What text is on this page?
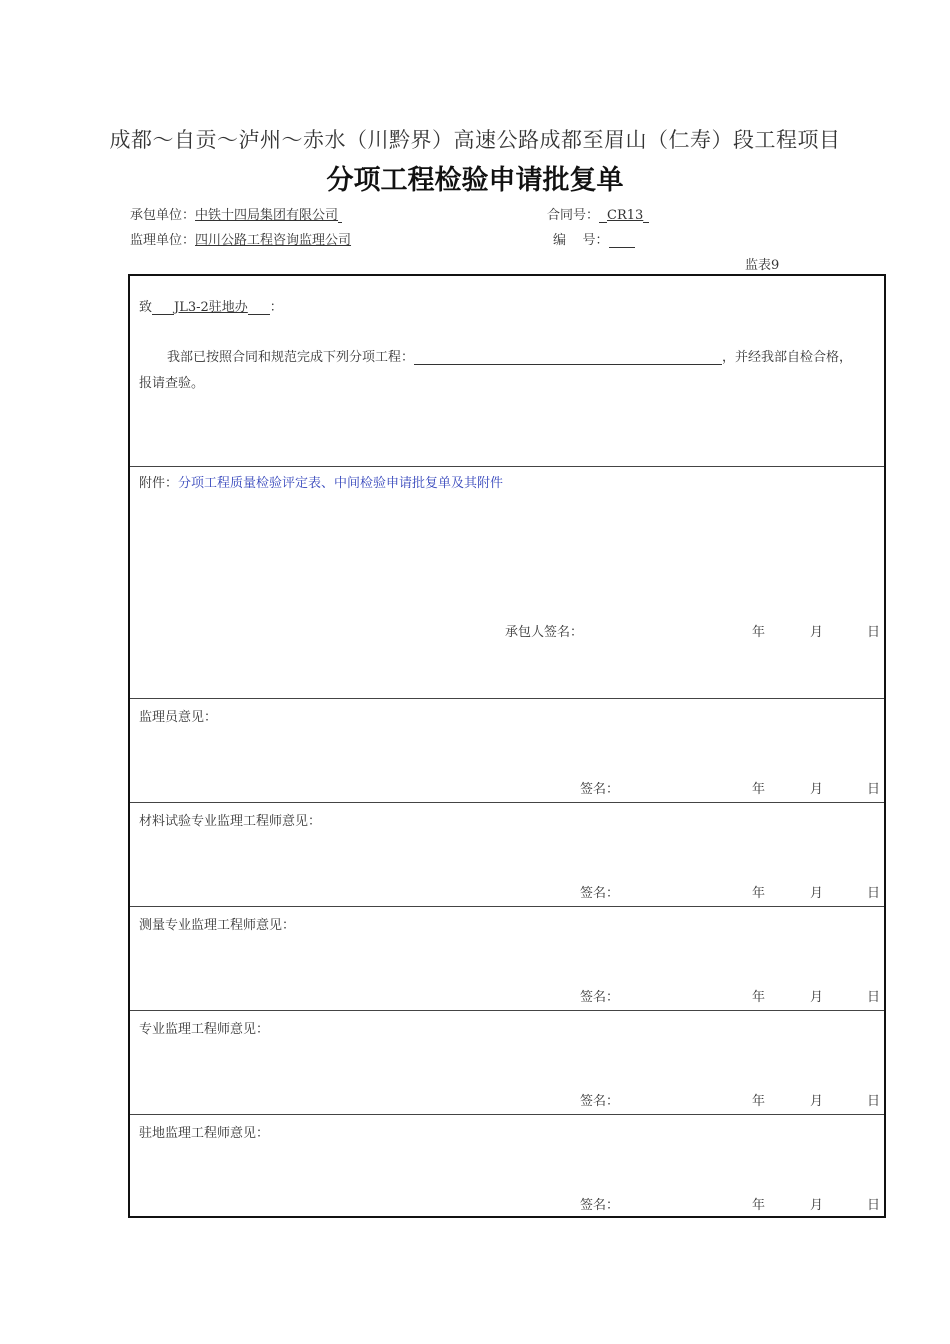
成都～自贡～泸州～赤水（川黔界）高速公路成都至眉山（仁寿）段工程项目
分项工程检验申请批复单
承包单位：中铁十四局集团有限公司	合同号： CR13
监理单位：四川公路工程咨询监理公司	编    号：
监表9
致 JL3-2驻地办 ：
我部已按照合同和规范完成下列分项工程：	，并经我部自检合格，
报请查验。
附件：分项工程质量检验评定表、中间检验申请批复单及其附件
承包人签名：	年	月	日
监理员意见：
签名：	年	月	日
材料试验专业监理工程师意见：
签名：	年	月	日
测量专业监理工程师意见：
签名：	年	月	日
专业监理工程师意见：
签名：	年	月	日
驻地监理工程师意见：
签名：	年	月	日
